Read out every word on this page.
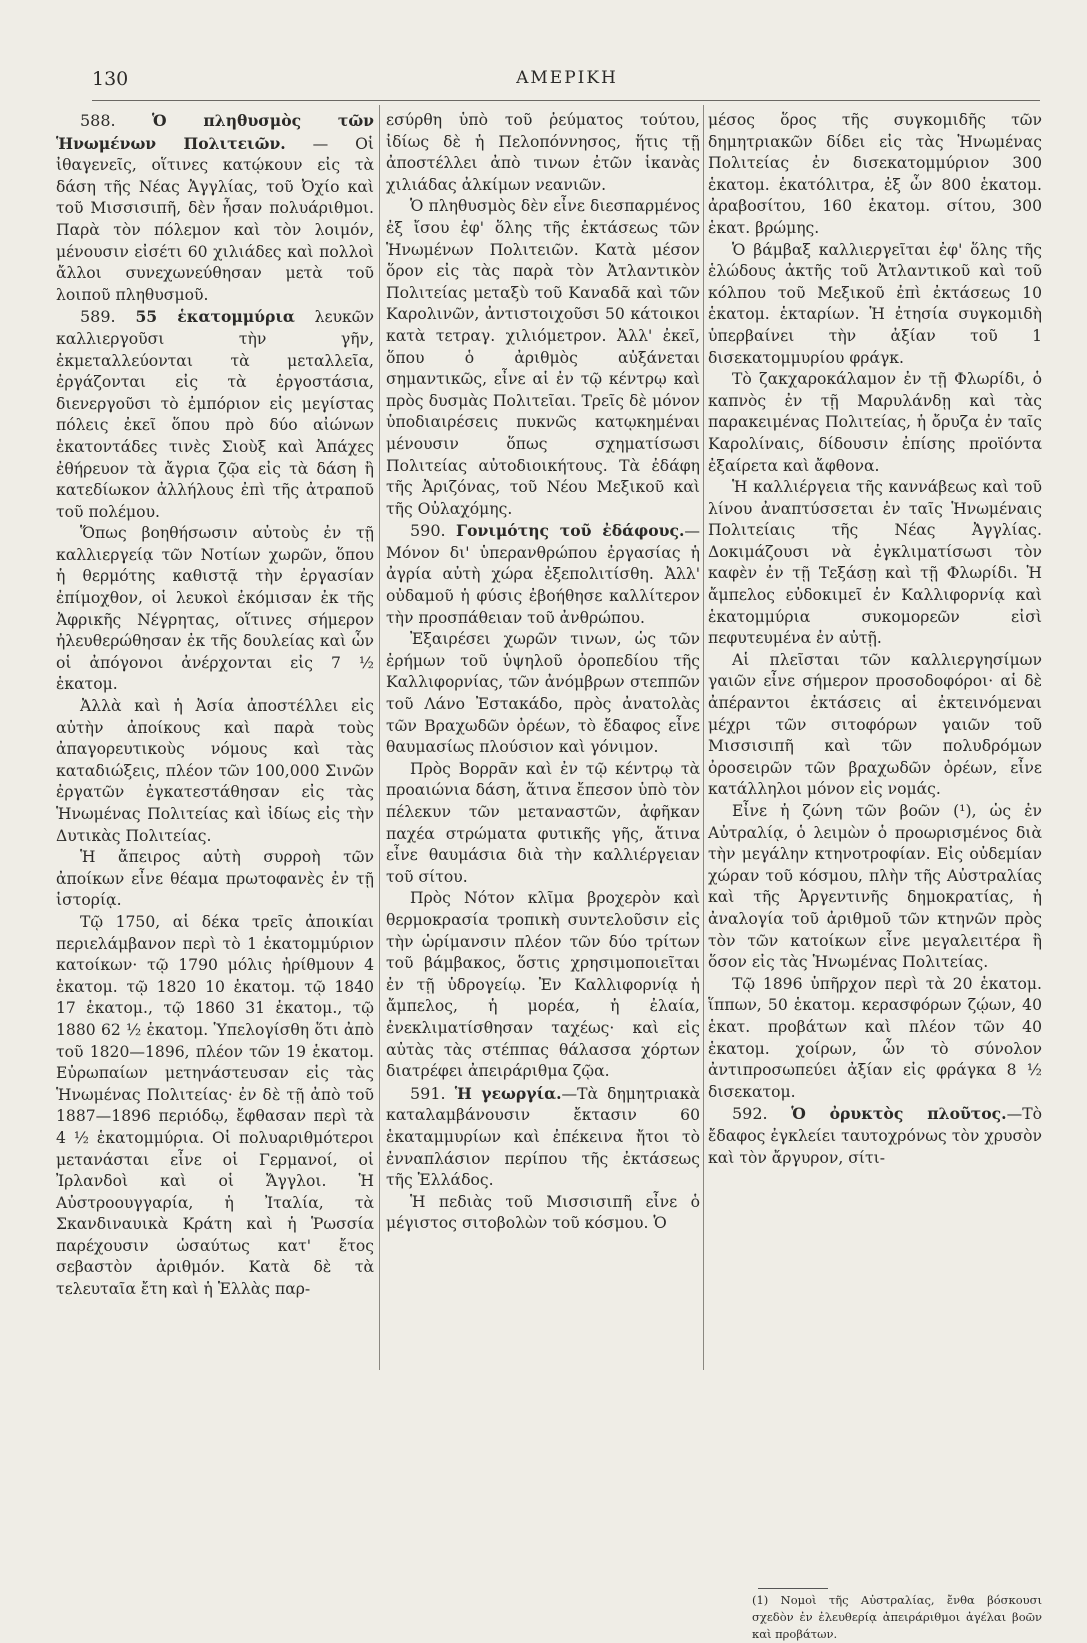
130	ΑΜΕΡΙΚΗ

588. Ὁ πληθυσμὸς τῶν Ἡνωμένων Πολιτειῶν. — Οἱ ἰθαγενεῖς, οἵτινες κατῴκουν εἰς τὰ δάση τῆς Νέας Ἀγγλίας, τοῦ Ὀχίο καὶ τοῦ Μισσισιπῆ, δὲν ἦσαν πολυάριθμοι. Παρὰ τὸν πόλεμον καὶ τὸν λοιμόν, μένουσιν εἰσέτι 60 χιλιάδες καὶ πολλοὶ ἄλλοι συνεχωνεύθησαν μετὰ τοῦ λοιποῦ πληθυσμοῦ.

589. 55 ἑκατομμύρια λευκῶν καλλιεργοῦσι τὴν γῆν, ἐκμεταλλεύονται τὰ μεταλλεῖα, ἐργάζονται εἰς τὰ ἐργοστάσια, διενεργοῦσι τὸ ἐμπόριον εἰς μεγίστας πόλεις ἐκεῖ ὅπου πρὸ δύο αἰώνων ἑκατοντάδες τινὲς Σιοὺξ καὶ Ἀπάχες ἐθήρευον τὰ ἄγρια ζῷα εἰς τὰ δάση ἢ κατεδίωκον ἀλλήλους ἐπὶ τῆς ἀτραποῦ τοῦ πολέμου.

Ὅπως βοηθήσωσιν αὐτοὺς ἐν τῇ καλλιεργείᾳ τῶν Νοτίων χωρῶν, ὅπου ἡ θερμότης καθιστᾷ τὴν ἐργασίαν ἐπίμοχθον, οἱ λευκοὶ ἐκόμισαν ἐκ τῆς Ἀφρικῆς Νέγρητας, οἵτινες σήμερον ἠλευθερώθησαν ἐκ τῆς δουλείας καὶ ὧν οἱ ἀπόγονοι ἀνέρχονται εἰς 7 ½ ἑκατομ.

Ἀλλὰ καὶ ἡ Ἀσία ἀποστέλλει εἰς αὐτὴν ἀποίκους καὶ παρὰ τοὺς ἀπαγορευτικοὺς νόμους καὶ τὰς καταδιώξεις, πλέον τῶν 100,000 Σινῶν ἐργατῶν ἐγκατεστάθησαν εἰς τὰς Ἡνωμένας Πολιτείας καὶ ἰδίως εἰς τὴν Δυτικὰς Πολιτείας.

Ἡ ἄπειρος αὐτὴ συρροὴ τῶν ἀποίκων εἶνε θέαμα πρωτοφανὲς ἐν τῇ ἱστορίᾳ.

Τῷ 1750, αἱ δέκα τρεῖς ἀποικίαι περιελάμβανον περὶ τὸ 1 ἑκατομμύριον κατοίκων· τῷ 1790 μόλις ἠρίθμουν 4 ἑκατομ. τῷ 1820 10 ἑκατομ. τῷ 1840 17 ἑκατομ., τῷ 1860 31 ἑκατομ., τῷ 1880 62 ½ ἑκατομ. Ὑπελογίσθη ὅτι ἀπὸ τοῦ 1820—1896, πλέον τῶν 19 ἑκατομ. Εὐρωπαίων μετηνάστευσαν εἰς τὰς Ἡνωμένας Πολιτείας· ἐν δὲ τῇ ἀπὸ τοῦ 1887—1896 περιόδῳ, ἔφθασαν περὶ τὰ 4 ½ ἑκατομμύρια. Οἱ πολυαριθμότεροι μετανάσται εἶνε οἱ Γερμανοί, οἱ Ἰρλανδοὶ καὶ οἱ Ἄγγλοι. Ἡ Αὐστροουγγαρία, ἡ Ἰταλία, τὰ Σκανδιναυικὰ Κράτη καὶ ἡ Ῥωσσία παρέχουσιν ὡσαύτως κατ' ἔτος σεβαστὸν ἀριθμόν. Κατὰ δὲ τὰ τελευταῖα ἔτη καὶ ἡ Ἑλλὰς παρ-

εσύρθη ὑπὸ τοῦ ῥεύματος τούτου, ἰδίως δὲ ἡ Πελοπόννησος, ἥτις τῇ ἀποστέλλει ἀπὸ τινων ἐτῶν ἱκανὰς χιλιάδας ἀλκίμων νεανιῶν.

Ὁ πληθυσμὸς δὲν εἶνε διεσπαρμένος ἐξ ἴσου ἐφ' ὅλης τῆς ἐκτάσεως τῶν Ἡνωμένων Πολιτειῶν. Κατὰ μέσον ὅρον εἰς τὰς παρὰ τὸν Ἀτλαντικὸν Πολιτείας μεταξὺ τοῦ Καναδᾶ καὶ τῶν Καρολινῶν, ἀντιστοιχοῦσι 50 κάτοικοι κατὰ τετραγ. χιλιόμετρον. Ἀλλ' ἐκεῖ, ὅπου ὁ ἀριθμὸς αὐξάνεται σημαντικῶς, εἶνε αἱ ἐν τῷ κέντρῳ καὶ πρὸς δυσμὰς Πολιτεῖαι. Τρεῖς δὲ μόνον ὑποδιαιρέσεις πυκνῶς κατῳκημέναι μένουσιν ὅπως σχηματίσωσι Πολιτείας αὐτοδιοικήτους. Τὰ ἐδάφη τῆς Ἀριζόνας, τοῦ Νέου Μεξικοῦ καὶ τῆς Οὐλαχόμης.

590. Γονιμότης τοῦ ἐδάφους.—Μόνον δι' ὑπερανθρώπου ἐργασίας ἡ ἀγρία αὐτὴ χώρα ἐξεπολιτίσθη. Ἀλλ' οὐδαμοῦ ἡ φύσις ἐβοήθησε καλλίτερον τὴν προσπάθειαν τοῦ ἀνθρώπου.

Ἐξαιρέσει χωρῶν τινων, ὡς τῶν ἐρήμων τοῦ ὑψηλοῦ ὀροπεδίου τῆς Καλλιφορνίας, τῶν ἀνόμβρων στεππῶν τοῦ Λάνο Ἐστακάδο, πρὸς ἀνατολὰς τῶν Βραχωδῶν ὀρέων, τὸ ἔδαφος εἶνε θαυμασίως πλούσιον καὶ γόνιμον.

Πρὸς Βορρᾶν καὶ ἐν τῷ κέντρῳ τὰ προαιώνια δάση, ἅτινα ἔπεσον ὑπὸ τὸν πέλεκυν τῶν μεταναστῶν, ἀφῆκαν παχέα στρώματα φυτικῆς γῆς, ἅτινα εἶνε θαυμάσια διὰ τὴν καλλιέργειαν τοῦ σίτου.

Πρὸς Νότον κλῖμα βροχερὸν καὶ θερμοκρασία τροπικὴ συντελοῦσιν εἰς τὴν ὡρίμανσιν πλέον τῶν δύο τρίτων τοῦ βάμβακος, ὅστις χρησιμοποιεῖται ἐν τῇ ὑδρογείῳ. Ἐν Καλλιφορνίᾳ ἡ ἄμπελος, ἡ μορέα, ἡ ἐλαία, ἐνεκλιματίσθησαν ταχέως· καὶ εἰς αὐτὰς τὰς στέππας θάλασσα χόρτων διατρέφει ἀπειράριθμα ζῷα.

591. Ἡ γεωργία.—Τὰ δημητριακὰ καταλαμβάνουσιν ἔκτασιν 60 ἑκαταμμυρίων καὶ ἐπέκεινα ἤτοι τὸ ἐνναπλάσιον περίπου τῆς ἐκτάσεως τῆς Ἑλλάδος.

Ἡ πεδιὰς τοῦ Μισσισιπῆ εἶνε ὁ μέγιστος σιτοβολὼν τοῦ κόσμου. Ὁ

μέσος ὅρος τῆς συγκομιδῆς τῶν δημητριακῶν δίδει εἰς τὰς Ἡνωμένας Πολιτείας ἐν δισεκατομμύριον 300 ἑκατομ. ἑκατόλιτρα, ἐξ ὧν 800 ἑκατομ. ἀραβοσίτου, 160 ἑκατομ. σίτου, 300 ἑκατ. βρώμης.

Ὁ βάμβαξ καλλιεργεῖται ἐφ' ὅλης τῆς ἑλώδους ἀκτῆς τοῦ Ἀτλαντικοῦ καὶ τοῦ κόλπου τοῦ Μεξικοῦ ἐπὶ ἐκτάσεως 10 ἑκατομ. ἑκταρίων. Ἡ ἐτησία συγκομιδὴ ὑπερβαίνει τὴν ἀξίαν τοῦ 1 δισεκατομμυρίου φράγκ.

Τὸ ζακχαροκάλαμον ἐν τῇ Φλωρίδι, ὁ καπνὸς ἐν τῇ Μαρυλάνδῃ καὶ τὰς παρακειμένας Πολιτείας, ἡ ὄρυζα ἐν ταῖς Καρολίναις, δίδουσιν ἐπίσης προϊόντα ἐξαίρετα καὶ ἄφθονα.

Ἡ καλλιέργεια τῆς καννάβεως καὶ τοῦ λίνου ἀναπτύσσεται ἐν ταῖς Ἡνωμέναις Πολιτείαις τῆς Νέας Ἀγγλίας. Δοκιμάζουσι νὰ ἐγκλιματίσωσι τὸν καφὲν ἐν τῇ Τεξάσῃ καὶ τῇ Φλωρίδι. Ἡ ἄμπελος εὐδοκιμεῖ ἐν Καλλιφορνίᾳ καὶ ἑκατομμύρια συκομορεῶν εἰσὶ πεφυτευμένα ἐν αὐτῇ.

Αἱ πλεῖσται τῶν καλλιεργησίμων γαιῶν εἶνε σήμερον προσοδοφόροι· αἱ δὲ ἀπέραντοι ἐκτάσεις αἱ ἐκτεινόμεναι μέχρι τῶν σιτοφόρων γαιῶν τοῦ Μισσισιπῆ καὶ τῶν πολυδρόμων ὀροσειρῶν τῶν βραχωδῶν ὀρέων, εἶνε κατάλληλοι μόνον εἰς νομάς.

Εἶνε ἡ ζώνη τῶν βοῶν (¹), ὡς ἐν Αὐτραλίᾳ, ὁ λειμὼν ὁ προωρισμένος διὰ τὴν μεγάλην κτηνοτροφίαν. Εἰς οὐδεμίαν χώραν τοῦ κόσμου, πλὴν τῆς Αὐστραλίας καὶ τῆς Ἀργεντινῆς δημοκρατίας, ἡ ἀναλογία τοῦ ἀριθμοῦ τῶν κτηνῶν πρὸς τὸν τῶν κατοίκων εἶνε μεγαλειτέρα ἢ ὅσον εἰς τὰς Ἡνωμένας Πολιτείας.

Τῷ 1896 ὑπῆρχον περὶ τὰ 20 ἑκατομ. ἵππων, 50 ἑκατομ. κερασφόρων ζῴων, 40 ἑκατ. προβάτων καὶ πλέον τῶν 40 ἑκατομ. χοίρων, ὧν τὸ σύνολον ἀντιπροσωπεύει ἀξίαν εἰς φράγκα 8 ½ δισεκατομ.

592. Ὁ ὀρυκτὸς πλοῦτος.—Τὸ ἔδαφος ἐγκλείει ταυτοχρόνως τὸν χρυσὸν καὶ τὸν ἄργυρον, σίτι-

(1) Νομοὶ τῆς Αὐστραλίας, ἔνθα βόσκουσι σχεδὸν ἐν ἐλευθερίᾳ ἀπειράριθμοι ἀγέλαι βοῶν καὶ προβάτων.
